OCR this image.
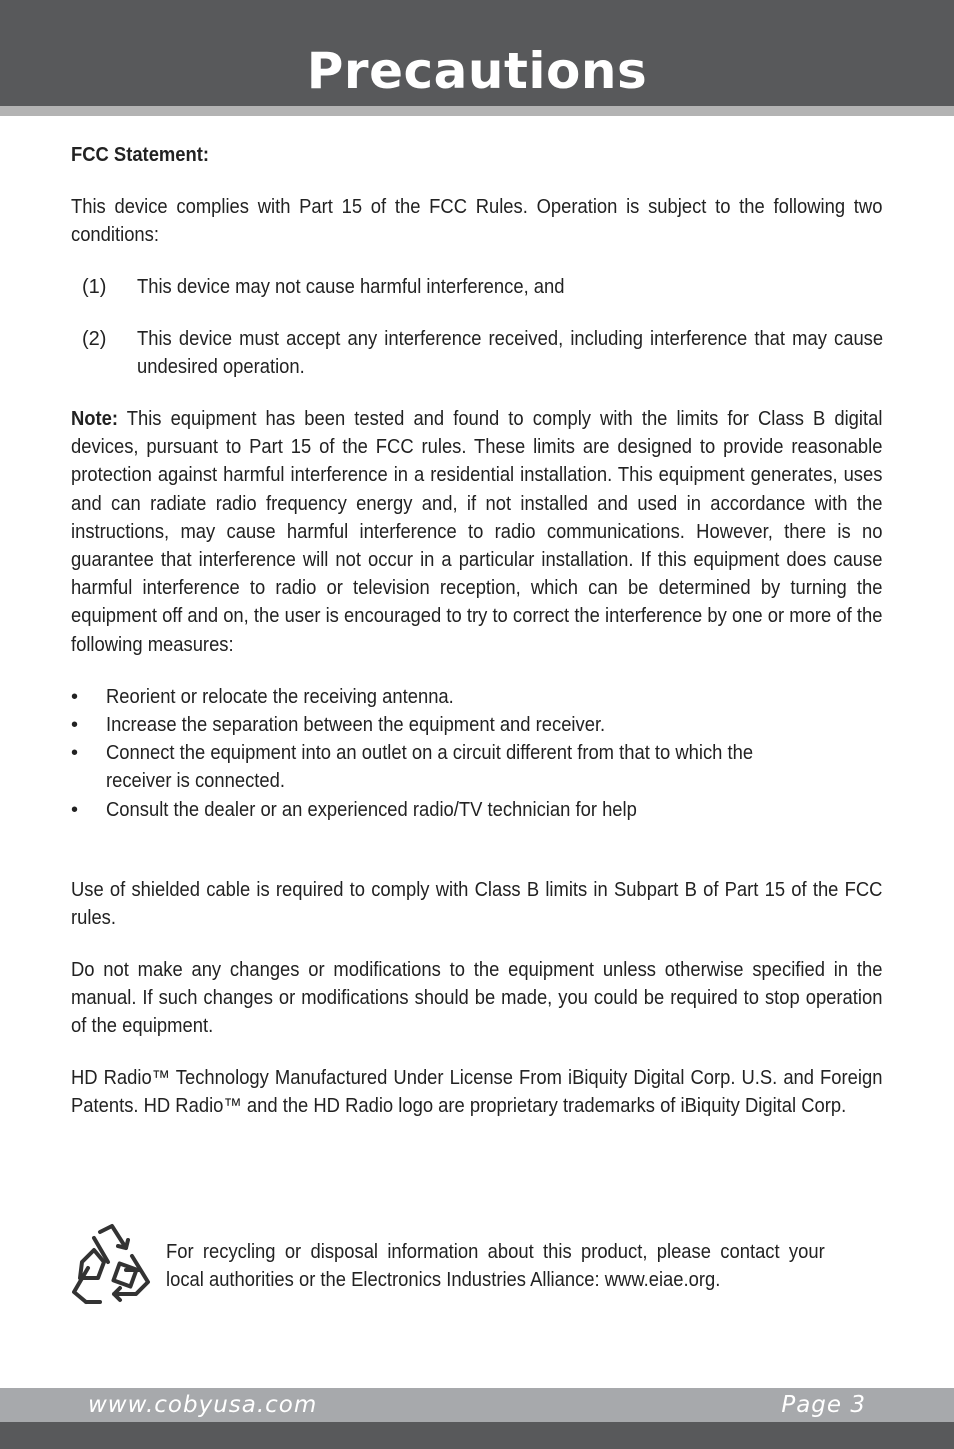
Precautions
FCC Statement:
This device complies with Part 15 of the FCC Rules. Operation is subject to the following two conditions:
(1) This device may not cause harmful interference, and
(2) This device must accept any interference received, including interference that may cause undesired operation.
Note: This equipment has been tested and found to comply with the limits for Class B digital devices, pursuant to Part 15 of the FCC rules. These limits are designed to provide reasonable protection against harmful interference in a residential installation. This equipment generates, uses and can radiate radio frequency energy and, if not installed and used in accordance with the instructions, may cause harmful interference to radio communications. However, there is no guarantee that interference will not occur in a particular installation. If this equipment does cause harmful interference to radio or television reception, which can be determined by turning the equipment off and on, the user is encouraged to try to correct the interference by one or more of the following measures:
• Reorient or relocate the receiving antenna.
• Increase the separation between the equipment and receiver.
• Connect the equipment into an outlet on a circuit different from that to which the receiver is connected.
• Consult the dealer or an experienced radio/TV technician for help
Use of shielded cable is required to comply with Class B limits in Subpart B of Part 15 of the FCC rules.
Do not make any changes or modifications to the equipment unless otherwise specified in the manual. If such changes or modifications should be made, you could be required to stop operation of the equipment.
HD Radio™ Technology Manufactured Under License From iBiquity Digital Corp. U.S. and Foreign Patents. HD Radio™ and the HD Radio logo are proprietary trademarks of iBiquity Digital Corp.
For recycling or disposal information about this product, please contact your local authorities or the Electronics Industries Alliance: www.eiae.org.
www.cobyusa.com	Page 3
